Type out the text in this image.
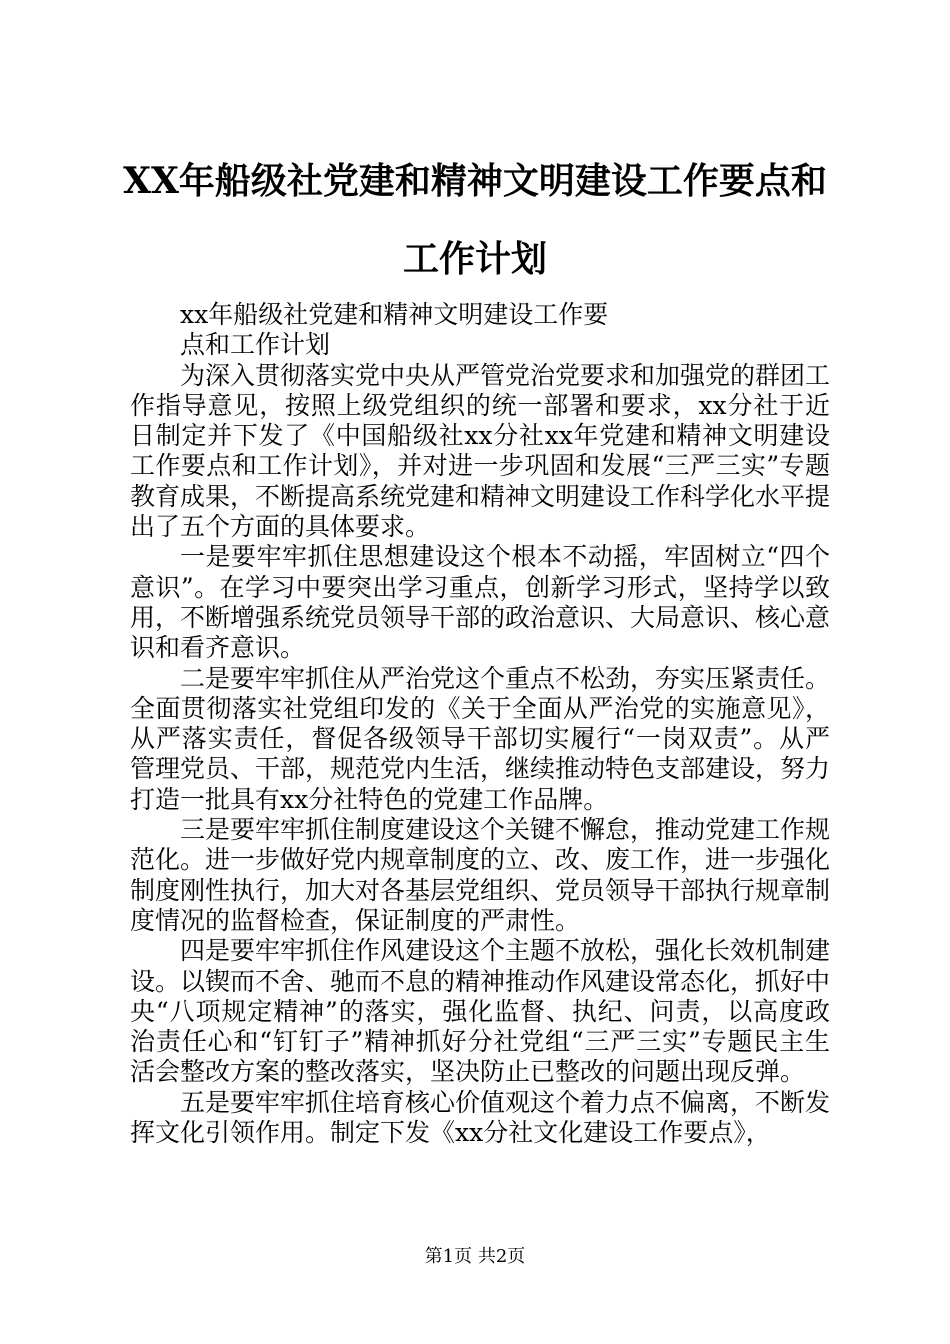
XX年船级社党建和精神文明建设工作要点和
工作计划

xx年船级社党建和精神文明建设工作要

点和工作计划

为深入贯彻落实党中央从严管党治党要求和加强党的群团工作指导意见，按照上级党组织的统一部署和要求，xx分社于近日制定并下发了《中国船级社xx分社xx年党建和精神文明建设工作要点和工作计划》，并对进一步巩固和发展“三严三实”专题教育成果，不断提高系统党建和精神文明建设工作科学化水平提出了五个方面的具体要求。

一是要牢牢抓住思想建设这个根本不动摇，牢固树立“四个意识”。在学习中要突出学习重点，创新学习形式，坚持学以致用，不断增强系统党员领导干部的政治意识、大局意识、核心意识和看齐意识。

二是要牢牢抓住从严治党这个重点不松劲，夯实压紧责任。全面贯彻落实社党组印发的《关于全面从严治党的实施意见》，从严落实责任，督促各级领导干部切实履行“一岗双责”。从严管理党员、干部，规范党内生活，继续推动特色支部建设，努力打造一批具有xx分社特色的党建工作品牌。

三是要牢牢抓住制度建设这个关键不懈怠，推动党建工作规范化。进一步做好党内规章制度的立、改、废工作，进一步强化制度刚性执行，加大对各基层党组织、党员领导干部执行规章制度情况的监督检查，保证制度的严肃性。

四是要牢牢抓住作风建设这个主题不放松，强化长效机制建设。以锲而不舍、驰而不息的精神推动作风建设常态化，抓好中央“八项规定精神”的落实，强化监督、执纪、问责，以高度政治责任心和“钉钉子”精神抓好分社党组“三严三实”专题民主生活会整改方案的整改落实，坚决防止已整改的问题出现反弹。

五是要牢牢抓住培育核心价值观这个着力点不偏离，不断发挥文化引领作用。制定下发《xx分社文化建设工作要点》，

第1页 共2页
